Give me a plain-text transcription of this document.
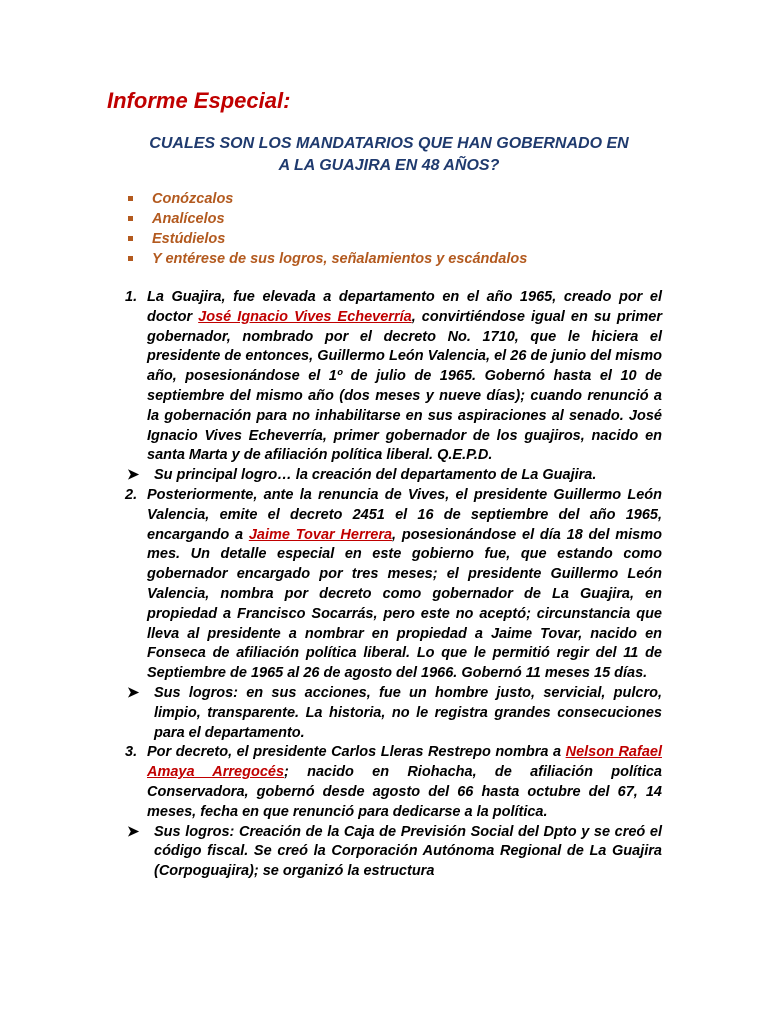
Informe Especial:
CUALES SON LOS MANDATARIOS QUE HAN GOBERNADO EN
A LA GUAJIRA EN 48 AÑOS?
Conózcalos
Analícelos
Estúdielos
Y entérese de sus logros, señalamientos y escándalos
1. La Guajira, fue elevada a departamento en el año 1965, creado por el doctor José Ignacio Vives Echeverría, convirtiéndose igual en su primer gobernador, nombrado por el decreto No. 1710, que le hiciera el presidente de entonces, Guillermo León Valencia, el 26 de junio del mismo año, posesionándose el 1º de julio de 1965. Gobernó hasta el 10 de septiembre del mismo año (dos meses y nueve días); cuando renunció a la gobernación para no inhabilitarse en sus aspiraciones al senado. José Ignacio Vives Echeverría, primer gobernador de los guajiros, nacido en santa Marta y de afiliación política liberal. Q.E.P.D.
➤ Su principal logro… la creación del departamento de La Guajira.
2. Posteriormente, ante la renuncia de Vives, el presidente Guillermo León Valencia, emite el decreto 2451 el 16 de septiembre del año 1965, encargando a Jaime Tovar Herrera, posesionándose el día 18 del mismo mes. Un detalle especial en este gobierno fue, que estando como gobernador encargado por tres meses; el presidente Guillermo León Valencia, nombra por decreto como gobernador de La Guajira, en propiedad a Francisco Socarrás, pero este no aceptó; circunstancia que lleva al presidente a nombrar en propiedad a Jaime Tovar, nacido en Fonseca de afiliación política liberal. Lo que le permitió regir del 11 de Septiembre de 1965 al 26 de agosto del 1966. Gobernó 11 meses 15 días.
➤ Sus logros: en sus acciones, fue un hombre justo, servicial, pulcro, limpio, transparente. La historia, no le registra grandes consecuciones para el departamento.
3. Por decreto, el presidente Carlos Lleras Restrepo nombra a Nelson Rafael Amaya Arregocés; nacido en Riohacha, de afiliación política Conservadora, gobernó desde agosto del 66 hasta octubre del 67, 14 meses, fecha en que renunció para dedicarse a la política.
➤ Sus logros: Creación de la Caja de Previsión Social del Dpto y se creó el código fiscal. Se creó la Corporación Autónoma Regional de La Guajira (Corpoguajira); se organizó la estructura
